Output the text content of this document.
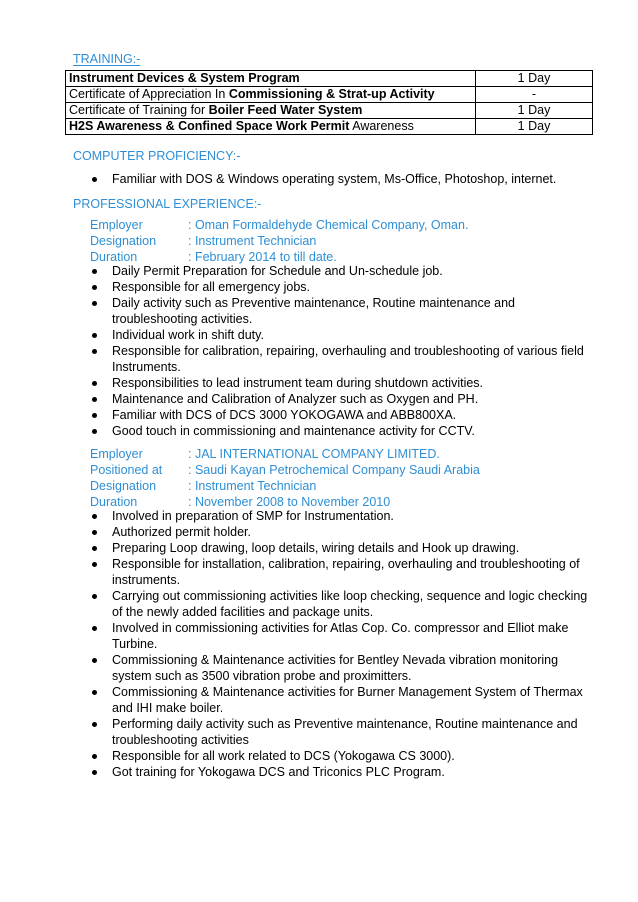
TRAINING:-
Instrument Devices & System Program	1 Day
Certificate of Appreciation In Commissioning & Strat-up Activity	-
Certificate of Training for Boiler Feed Water System	1 Day
H2S Awareness & Confined Space Work Permit Awareness	1 Day
COMPUTER PROFICIENCY:-
Familiar with DOS & Windows operating system, Ms-Office, Photoshop, internet.
PROFESSIONAL EXPERIENCE:-
Employer	: Oman Formaldehyde Chemical Company, Oman.
Designation	: Instrument Technician
Duration	: February 2014 to till date.
Daily Permit Preparation for Schedule and Un-schedule job.
Responsible for all emergency jobs.
Daily activity such as Preventive maintenance, Routine maintenance and troubleshooting activities.
Individual work in shift duty.
Responsible for calibration, repairing, overhauling and troubleshooting of various field Instruments.
Responsibilities to lead instrument team during shutdown activities.
Maintenance and Calibration of Analyzer such as Oxygen and PH.
Familiar with DCS of DCS 3000 YOKOGAWA and ABB800XA.
Good touch in commissioning and maintenance activity for CCTV.
Employer	: JAL INTERNATIONAL COMPANY LIMITED.
Positioned at	: Saudi Kayan Petrochemical Company Saudi Arabia
Designation	: Instrument Technician
Duration	: November 2008 to November 2010
Involved in preparation of SMP for Instrumentation.
Authorized permit holder.
Preparing Loop drawing, loop details, wiring details and Hook up drawing.
Responsible for installation, calibration, repairing, overhauling and troubleshooting of instruments.
Carrying out commissioning activities like loop checking, sequence and logic checking of the newly added facilities and package units.
Involved in commissioning activities for Atlas Cop. Co. compressor and Elliot make Turbine.
Commissioning & Maintenance activities for Bentley Nevada vibration monitoring system such as 3500 vibration probe and proximitters.
Commissioning & Maintenance activities for Burner Management System of Thermax and IHI make boiler.
Performing daily activity such as Preventive maintenance, Routine maintenance and troubleshooting activities
Responsible for all work related to DCS (Yokogawa CS 3000).
Got training for Yokogawa DCS and Triconics PLC Program.
